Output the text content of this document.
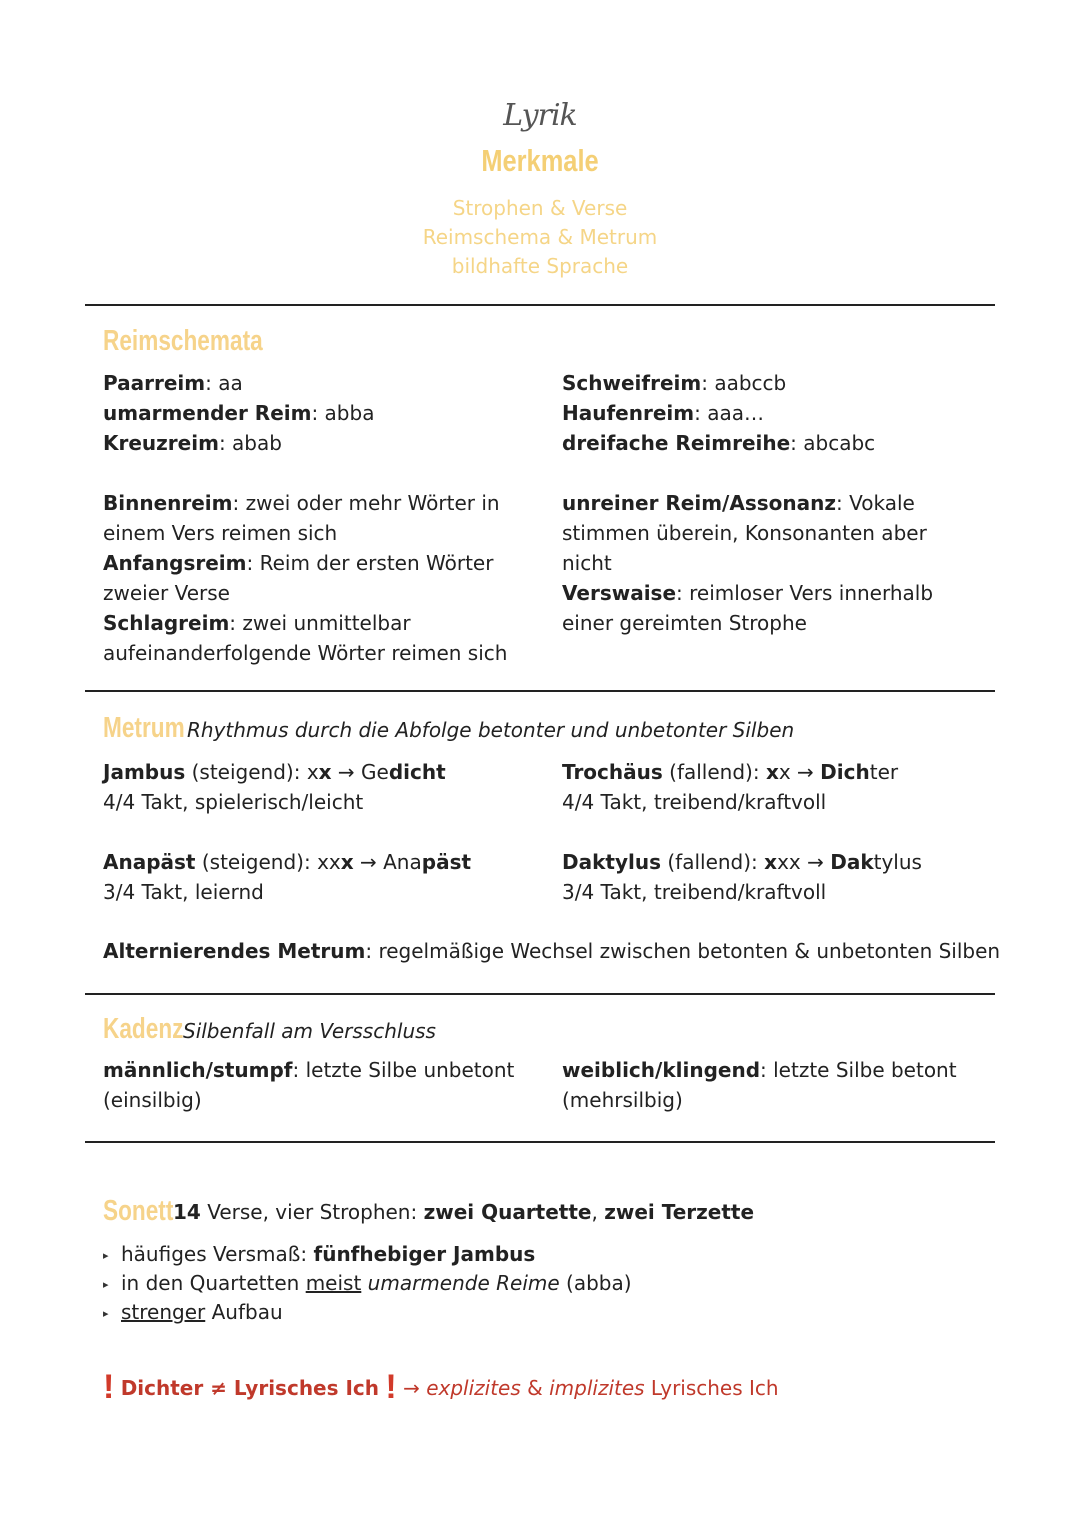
Lyrik
Merkmale
Strophen & Verse
Reimschema & Metrum
bildhafte Sprache
Reimschemata
Paarreim: aa
umarmender Reim: abba
Kreuzreim: abab
Schweifreim: aabccb
Haufenreim: aaa…
dreifache Reimreihe: abcabc
Binnenreim: zwei oder mehr Wörter in einem Vers reimen sich
Anfangsreim: Reim der ersten Wörter zweier Verse
Schlagreim: zwei unmittelbar aufeinanderfolgende Wörter reimen sich
unreiner Reim/Assonanz: Vokale stimmen überein, Konsonanten aber nicht
Verswaise: reimloser Vers innerhalb einer gereimten Strophe
Metrum Rhythmus durch die Abfolge betonter und unbetonter Silben
Jambus (steigend): xx → Gedicht
4/4 Takt, spielerisch/leicht
Trochäus (fallend): xx → Dichter
4/4 Takt, treibend/kraftvoll
Anapäst (steigend): xxx → Anapäst
3/4 Takt, leiernd
Daktylus (fallend): xxx → Daktylus
3/4 Takt, treibend/kraftvoll
Alternierendes Metrum: regelmäßige Wechsel zwischen betonten & unbetonten Silben
KadenzSilbenfall am Versschluss
männlich/stumpf: letzte Silbe unbetont
(einsilbig)
weiblich/klingend: letzte Silbe betont
(mehrsilbig)
Sonett14 Verse, vier Strophen: zwei Quartette, zwei Terzette
▸ häufiges Versmaß: fünfhebiger Jambus
▸ in den Quartetten meist umarmende Reime (abba)
▸ strenger Aufbau
! Dichter ≠ Lyrisches Ich ! → explizites & implizites Lyrisches Ich
